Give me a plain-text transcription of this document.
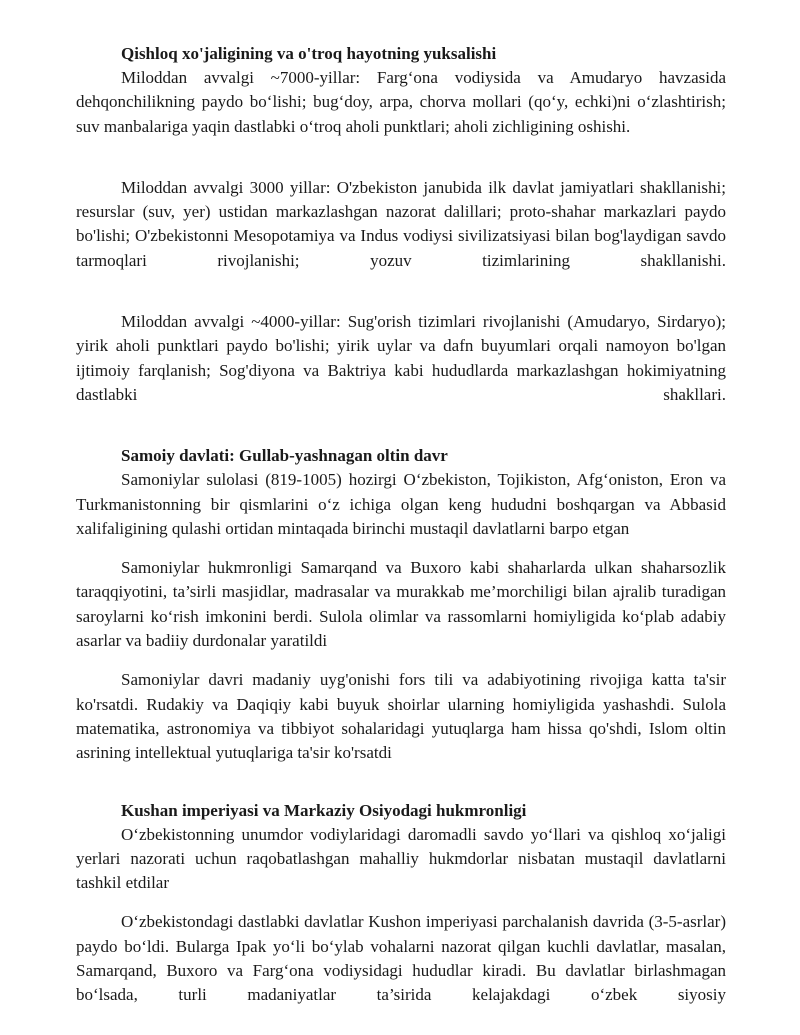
Qishloq xo'jaligining va o'troq hayotning yuksalishi

Miloddan avvalgi ~7000-yillar: Farg‘ona vodiysida va Amudaryo havzasida dehqonchilikning paydo bo‘lishi; bug‘doy, arpa, chorva mollari (qo‘y, echki)ni o‘zlashtirish; suv manbalariga yaqin dastlabki o‘troq aholi punktlari; aholi zichligining oshishi.

Miloddan avvalgi 3000 yillar: O'zbekiston janubida ilk davlat jamiyatlari shakllanishi; resurslar (suv, yer) ustidan markazlashgan nazorat dalillari; proto-shahar markazlari paydo bo'lishi; O'zbekistonni Mesopotamiya va Indus vodiysi sivilizatsiyasi bilan bog'laydigan savdo tarmoqlari rivojlanishi; yozuv tizimlarining shakllanishi.

Miloddan avvalgi ~4000-yillar: Sug'orish tizimlari rivojlanishi (Amudaryo, Sirdaryo); yirik aholi punktlari paydo bo'lishi; yirik uylar va dafn buyumlari orqali namoyon bo'lgan ijtimoiy farqlanish; Sog'diyona va Baktriya kabi hududlarda markazlashgan hokimiyatning dastlabki shakllari.

Samoiy davlati: Gullab-yashnagan oltin davr

Samoniylar sulolasi (819-1005) hozirgi O‘zbekiston, Tojikiston, Afg‘oniston, Eron va Turkmanistonning bir qismlarini o‘z ichiga olgan keng hududni boshqargan va Abbasid xalifaligining qulashi ortidan mintaqada birinchi mustaqil davlatlarni barpo etgan

Samoniylar hukmronligi Samarqand va Buxoro kabi shaharlarda ulkan shaharsozlik taraqqiyotini, ta’sirli masjidlar, madrasalar va murakkab me’morchiligi bilan ajralib turadigan saroylarni ko‘rish imkonini berdi. Sulola olimlar va rassomlarni homiyligida ko‘plab adabiy asarlar va badiiy durdonalar yaratildi

Samoniylar davri madaniy uyg'onishi fors tili va adabiyotining rivojiga katta ta'sir ko'rsatdi. Rudakiy va Daqiqiy kabi buyuk shoirlar ularning homiyligida yashashdi. Sulola matematika, astronomiya va tibbiyot sohalaridagi yutuqlarga ham hissa qo'shdi, Islom oltin asrining intellektual yutuqlariga ta'sir ko'rsatdi

Kushan imperiyasi va Markaziy Osiyodagi hukmronligi

O‘zbekistonning unumdor vodiylaridagi daromadli savdo yo‘llari va qishloq xo‘jaligi yerlari nazorati uchun raqobatlashgan mahalliy hukmdorlar nisbatan mustaqil davlatlarni tashkil etdilar

O‘zbekistondagi dastlabki davlatlar Kushon imperiyasi parchalanish davrida (3-5-asrlar) paydo bo‘ldi. Bularga Ipak yo‘li bo‘ylab vohalarni nazorat qilgan kuchli davlatlar, masalan, Samarqand, Buxoro va Farg‘ona vodiysidagi hududlar kiradi. Bu davlatlar birlashmagan bo‘lsada, turli madaniyatlar ta’sirida kelajakdagi o‘zbek siyosiy
